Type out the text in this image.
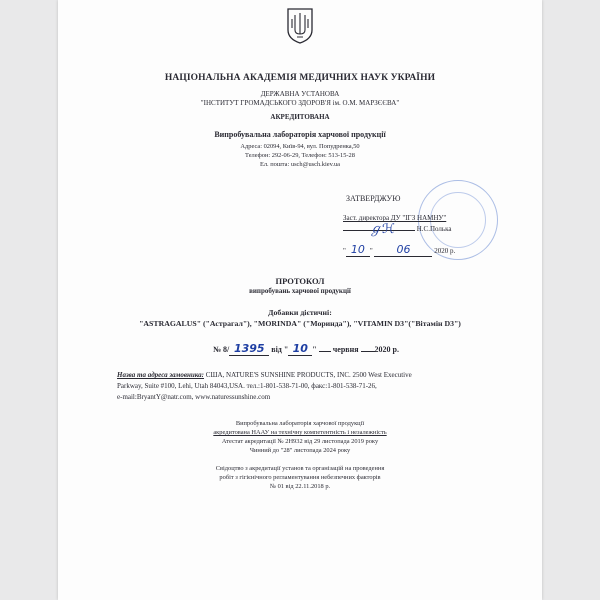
НАЦІОНАЛЬНА АКАДЕМІЯ МЕДИЧНИХ НАУК УКРАЇНИ
ДЕРЖАВНА УСТАНОВА
"ІНСТИТУТ ГРОМАДСЬКОГО ЗДОРОВ'Я ім. О.М. МАРЗЄЄВА"
АКРЕДИТОВАНА
Випробувальна лабораторія харчової продукції
Адреса: 02094, Київ-94, вул. Попудренка,50
Телефон: 292-06-29, Телефон: 513-15-28
Ел. пошта: usch@usch.kiev.ua
ЗАТВЕРДЖУЮ
Заст. директора ДУ "ІГЗ НАМНУ"
ℊℋ	Н.С.Полька
" 10 " 06	2020 р.
ПРОТОКОЛ
випробувань харчової продукції
Добавки дієтичні:
"ASTRAGALUS" ("Астрагал"), "MORINDA" ("Моринда"), "VITAMIN D3"("Вітамін D3")
№ 8/ 1395 від " 10 " червня 2020 р.
Назва та адреса замовника: США, NATURE'S SUNSHINE PRODUCTS, INC. 2500 West Executive
Parkway, Suite #100, Lehi, Utah 84043,USA. тел.:1-801-538-71-00, факс:1-801-538-71-26,
e-mail:BryantY@natr.com, www.naturessunshine.com
Випробувальна лабораторія харчової продукції
акредитована НААУ на технічну компетентність і незалежність
Атестат акредитації № 2Н932 від 29 листопада 2019 року
Чинний до "28" листопада 2024 року
Свідоцтво з акредитації установ та організацій на проведення
робіт з гігієнічного регламентування небезпечних факторів
№ 01 від 22.11.2018 р.
